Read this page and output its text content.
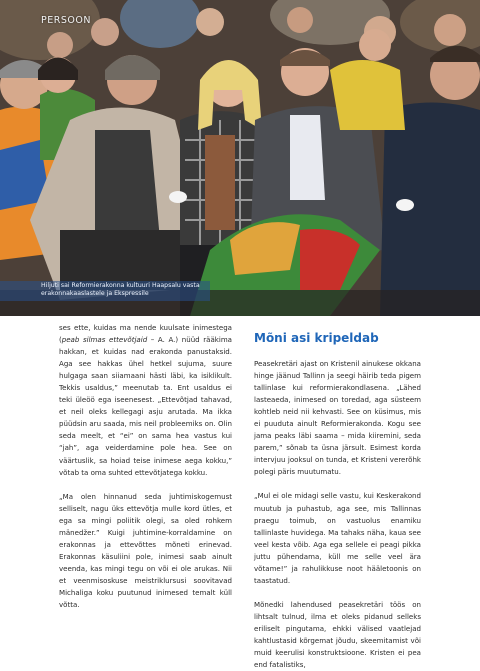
PERSOON
Hiljuti sai Reformierakonna kultuuri Haapsalu vasta erakonnakaaslastele ja Ekspressile

ses ette, kuidas ma nende kuulsate inimestega (peab silmas ettevõtjaid – A. A.) nüüd rääkima hakkan, et kuidas nad erakonda panustaksid. Aga see hakkas ühel hetkel sujuma, suure hulgaga saan siiamaani hästi läbi, ka isiklikult. Tekkis usaldus,” meenutab ta. Ent usaldus ei teki üleöö ega iseenesest. „Ettevõtjad tahavad, et neil oleks kellegagi asju arutada. Ma ikka püüdsin aru saada, mis neil probleemiks on. Olin seda meelt, et “ei” on sama hea vastus kui “jah”, aga veiderdamine pole hea. See on väärtuslik, sa hoiad teise inimese aega kokku,” võtab ta oma suhted ettevõtjatega kokku.

„Ma olen hinnanud seda juhtimiskogemust selliselt, nagu üks ettevõtja mulle kord ütles, et ega sa mingi poliitik olegi, sa oled rohkem mänedžer.” Kuigi juhtimine-korraldamine on erakonnas ja ettevõttes mõneti erinevad. Erakonnas käsuliini pole, inimesi saab ainult veenda, kas mingi tegu on või ei ole arukas. Nii et veenmisoskuse meistriklursusi soovitavad Michaliga koku puutunud inimesed temalt küll võtta.

Mõni asi kripeldab

Peasekretäri ajast on Kristenil ainukese okkana hinge jäänud Tallinn ja seegi häirib teda pigem tallinlase kui reformierakondlasena. „Lähed lasteaeda, inimesed on toredad, aga süsteem kohtleb neid nii kehvasti. See on küsimus, mis ei puuduta ainult Reformierakonda. Kogu see jama peaks läbi saama – mida kiiremini, seda parem,” sõnab ta üsna järsult. Esimest korda intervjuu jooksul on tunda, et Kristeni vererõhk polegi päris muutumatu.

„Mul ei ole midagi selle vastu, kui Keskerakond muutub ja puhastub, aga see, mis Tallinnas praegu toimub, on vastuolus enamiku tallinlaste huvidega. Ma tahaks näha, kaua see veel kesta võib. Aga ega sellele ei peagi pikka juttu pühendama, küll me selle veel ära võtame!” ja rahulikkuse noot hääletoonis on taastatud.

Mõnedki lahendused peasekretäri töös on lihtsalt tulnud, ilma et oleks pidanud selleks eriliselt pingutama, ehkki välised vaatlejad kahtlustasid kõrgemat jõudu, skeemitamist või muid keerulisi konstruktsioone. Kristen ei pea end fatalistiks,
